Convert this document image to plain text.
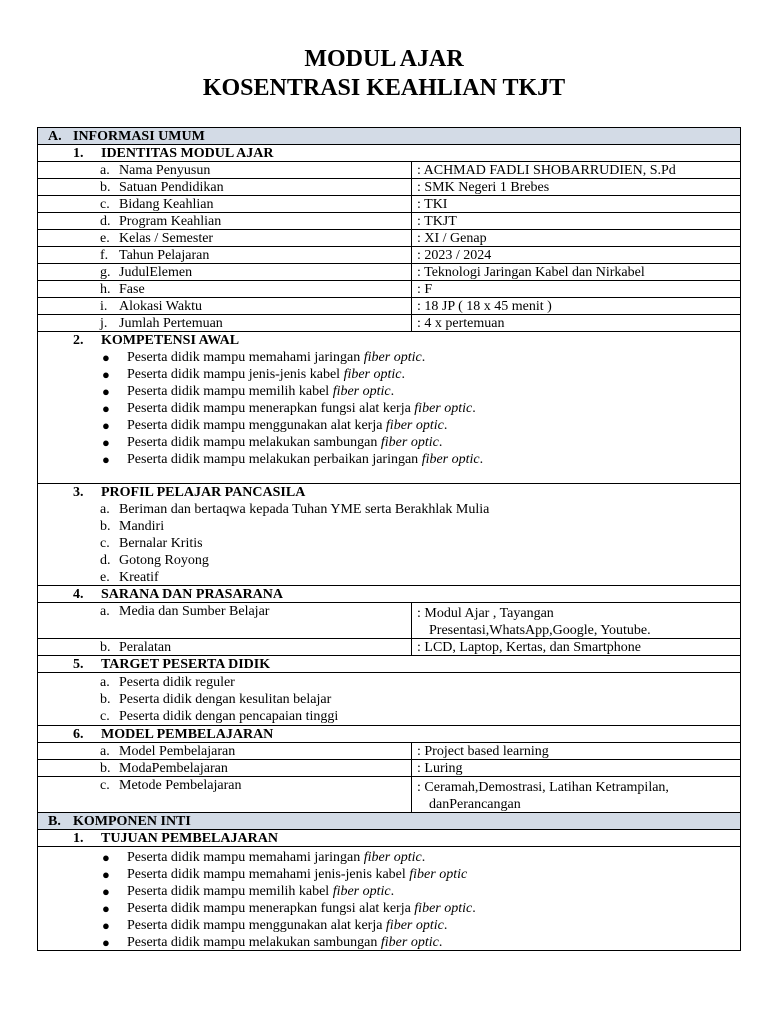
MODUL AJAR
KOSENTRASI KEAHLIAN TKJT
A. INFORMASI UMUM
1. IDENTITAS MODUL AJAR
a. Nama Penyusun	: ACHMAD FADLI SHOBARRUDIEN, S.Pd
b. Satuan Pendidikan	: SMK Negeri 1 Brebes
c. Bidang Keahlian	: TKI
d. Program Keahlian	: TKJT
e. Kelas / Semester	: XI / Genap
f. Tahun Pelajaran	: 2023 / 2024
g. JudulElemen	: Teknologi Jaringan Kabel dan Nirkabel
h. Fase	: F
i. Alokasi Waktu	: 18 JP ( 18 x 45 menit )
j. Jumlah Pertemuan	: 4 x pertemuan
2. KOMPETENSI AWAL
● Peserta didik mampu memahami jaringan fiber optic.
● Peserta didik mampu jenis-jenis kabel fiber optic.
● Peserta didik mampu memilih kabel fiber optic.
● Peserta didik mampu menerapkan fungsi alat kerja fiber optic.
● Peserta didik mampu menggunakan alat kerja fiber optic.
● Peserta didik mampu melakukan sambungan fiber optic.
● Peserta didik mampu melakukan perbaikan jaringan fiber optic.
3. PROFIL PELAJAR PANCASILA
a. Beriman dan bertaqwa kepada Tuhan YME serta Berakhlak Mulia
b. Mandiri
c. Bernalar Kritis
d. Gotong Royong
e. Kreatif
4. SARANA DAN PRASARANA
a. Media dan Sumber Belajar	: Modul Ajar , Tayangan
Presentasi,WhatsApp,Google, Youtube.
b. Peralatan	: LCD, Laptop, Kertas, dan Smartphone
5. TARGET PESERTA DIDIK
a. Peserta didik reguler
b. Peserta didik dengan kesulitan belajar
c. Peserta didik dengan pencapaian tinggi
6. MODEL PEMBELAJARAN
a. Model Pembelajaran	: Project based learning
b. ModaPembelajaran	: Luring
c. Metode Pembelajaran	: Ceramah,Demostrasi, Latihan Ketrampilan,
danPerancangan
B. KOMPONEN INTI
1. TUJUAN PEMBELAJARAN
● Peserta didik mampu memahami jaringan fiber optic.
● Peserta didik mampu memahami jenis-jenis kabel fiber optic
● Peserta didik mampu memilih kabel fiber optic.
● Peserta didik mampu menerapkan fungsi alat kerja fiber optic.
● Peserta didik mampu menggunakan alat kerja fiber optic.
● Peserta didik mampu melakukan sambungan fiber optic.
